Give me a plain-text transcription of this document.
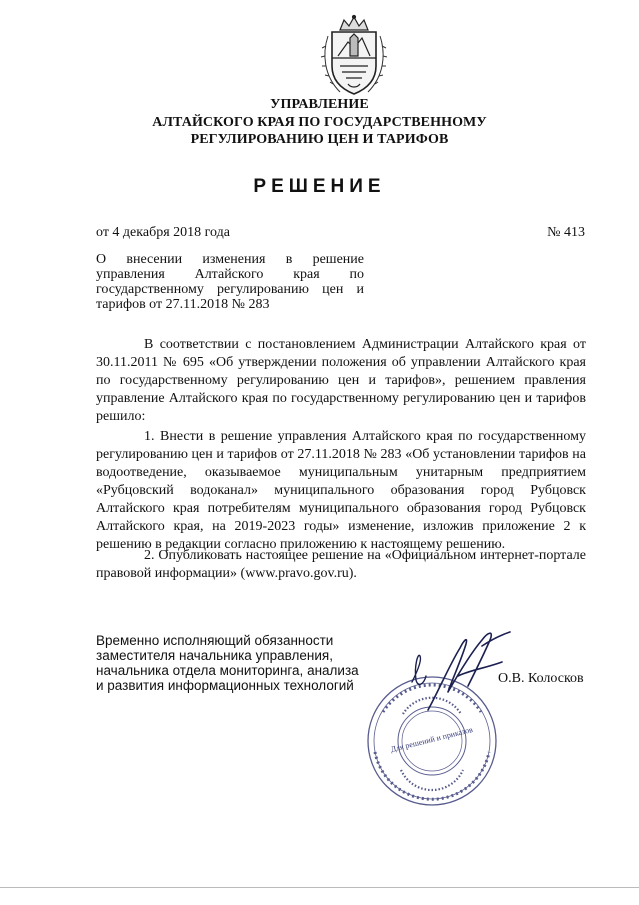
УПРАВЛЕНИЕ
АЛТАЙСКОГО КРАЯ ПО ГОСУДАРСТВЕННОМУ
РЕГУЛИРОВАНИЮ ЦЕН И ТАРИФОВ
РЕШЕНИЕ
от 4 декабря 2018 года	№ 413
О внесении изменения в решение управления Алтайского края по государственному регулированию цен и тарифов от 27.11.2018 № 283
В соответствии с постановлением Администрации Алтайского края от 30.11.2011 № 695 «Об утверждении положения об управлении Алтайского края по государственному регулированию цен и тарифов», решением правления управление Алтайского края по государственному регулированию цен и тарифов решило:
1. Внести в решение управления Алтайского края по государственному регулированию цен и тарифов от 27.11.2018 № 283 «Об установлении тарифов на водоотведение, оказываемое муниципальным унитарным предприятием «Рубцовский водоканал» муниципального образования город Рубцовск Алтайского края потребителям муниципального образования город Рубцовск Алтайского края, на 2019-2023 годы» изменение, изложив приложение 2 к решению в редакции согласно приложению к настоящему решению.
2. Опубликовать настоящее решение на «Официальном интернет-портале правовой информации» (www.pravo.gov.ru).
Временно исполняющий обязанности
заместителя начальника управления,
начальника отдела мониторинга, анализа
и развития информационных технологий
Для решений и приказов
О.В. Колосков
